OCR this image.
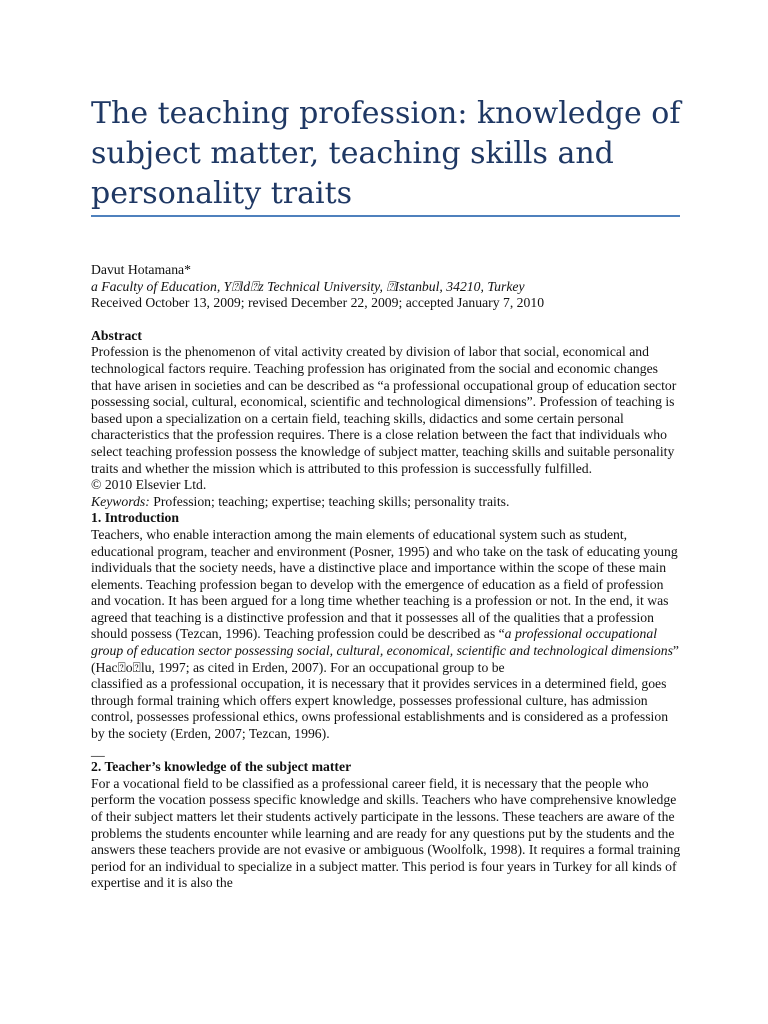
The teaching profession: knowledge of subject matter, teaching skills and personality traits

Davut Hotamana*

a Faculty of Education, Y⍰ld⍰z Technical University, ⍰Istanbul, 34210, Turkey

Received October 13, 2009; revised December 22, 2009; accepted January 7, 2010

Abstract

Profession is the phenomenon of vital activity created by division of labor that social, economical and technological factors require. Teaching profession has originated from the social and economic changes that have arisen in societies and can be described as “a professional occupational group of education sector possessing social, cultural, economical, scientific and technological dimensions”. Profession of teaching is based upon a specialization on a certain field, teaching skills, didactics and some certain personal characteristics that the profession requires. There is a close relation between the fact that individuals who select teaching profession possess the knowledge of subject matter, teaching skills and suitable personality traits and whether the mission which is attributed to this profession is successfully fulfilled.

© 2010 Elsevier Ltd.

Keywords: Profession; teaching; expertise; teaching skills; personality traits.

1. Introduction

Teachers, who enable interaction among the main elements of educational system such as student, educational program, teacher and environment (Posner, 1995) and who take on the task of educating young individuals that the society needs, have a distinctive place and importance within the scope of these main elements. Teaching profession began to develop with the emergence of education as a field of profession and vocation. It has been argued for a long time whether teaching is a profession or not. In the end, it was agreed that teaching is a distinctive profession and that it possesses all of the qualities that a profession should possess (Tezcan, 1996). Teaching profession could be described as “a professional occupational group of education sector possessing social, cultural, economical, scientific and technological dimensions” (Hac⍰o⍰lu, 1997; as cited in Erden, 2007). For an occupational group to be

classified as a professional occupation, it is necessary that it provides services in a determined field, goes through formal training which offers expert knowledge, possesses professional culture, has admission control, possesses professional ethics, owns professional establishments and is considered as a profession by the society (Erden, 2007; Tezcan, 1996).

__

2. Teacher’s knowledge of the subject matter

For a vocational field to be classified as a professional career field, it is necessary that the people who perform the vocation possess specific knowledge and skills. Teachers who have comprehensive knowledge of their subject matters let their students actively participate in the lessons. These teachers are aware of the problems the students encounter while learning and are ready for any questions put by the students and the answers these teachers provide are not evasive or ambiguous (Woolfolk, 1998). It requires a formal training period for an individual to specialize in a subject matter. This period is four years in Turkey for all kinds of expertise and it is also the
